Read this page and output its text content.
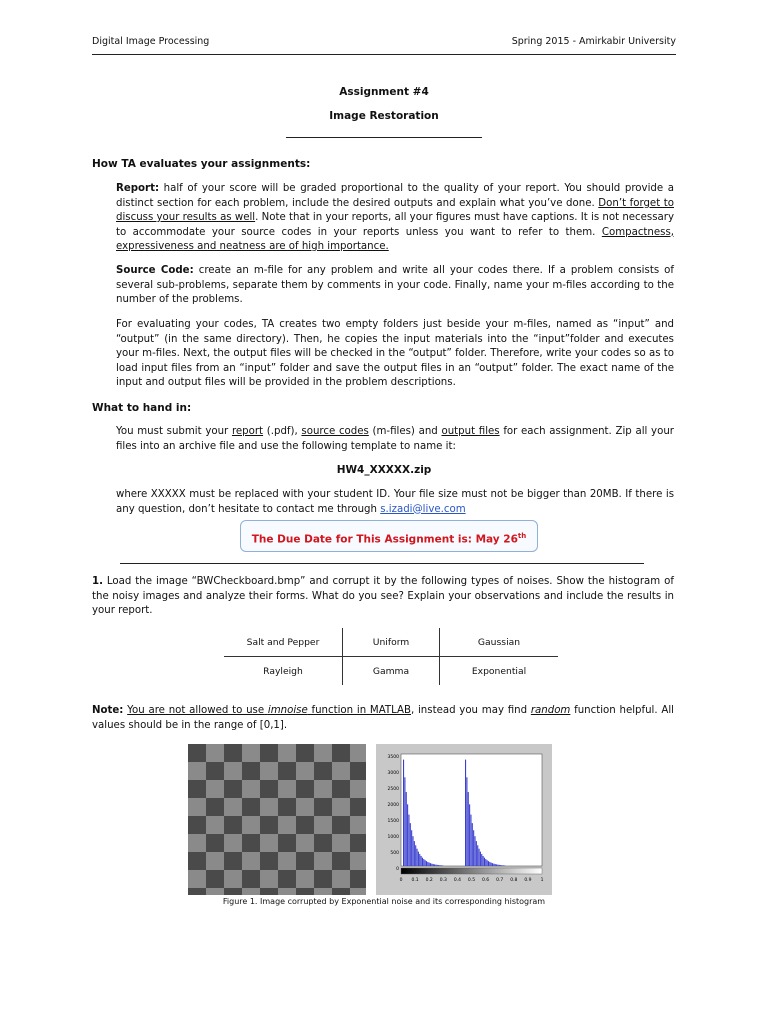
Digital Image Processing	Spring 2015 - Amirkabir University
Assignment #4
Image Restoration
How TA evaluates your assignments:
Report: half of your score will be graded proportional to the quality of your report. You should provide a distinct section for each problem, include the desired outputs and explain what you’ve done. Don’t forget to discuss your results as well. Note that in your reports, all your figures must have captions. It is not necessary to accommodate your source codes in your reports unless you want to refer to them. Compactness, expressiveness and neatness are of high importance.
Source Code: create an m-file for any problem and write all your codes there. If a problem consists of several sub-problems, separate them by comments in your code. Finally, name your m-files according to the number of the problems.
For evaluating your codes, TA creates two empty folders just beside your m-files, named as “input” and “output” (in the same directory). Then, he copies the input materials into the “input”folder and executes your m-files. Next, the output files will be checked in the “output” folder. Therefore, write your codes so as to load input files from an “input” folder and save the output files in an “output” folder. The exact name of the input and output files will be provided in the problem descriptions.
What to hand in:
You must submit your report (.pdf), source codes (m-files) and output files for each assignment. Zip all your files into an archive file and use the following template to name it:
HW4_XXXXX.zip
where XXXXX must be replaced with your student ID. Your file size must not be bigger than 20MB. If there is any question, don’t hesitate to contact me through s.izadi@live.com
The Due Date for This Assignment is: May 26th
1. Load the image “BWCheckboard.bmp” and corrupt it by the following types of noises. Show the histogram of the noisy images and analyze their forms. What do you see? Explain your observations and include the results in your report.
Salt and Pepper	Uniform	Gaussian
Rayleigh	Gamma	Exponential
Note: You are not allowed to use imnoise function in MATLAB, instead you may find random function helpful. All values should be in the range of [0,1].
3500
3000
2500
2000
1500
1000
500
0
0 0.1 0.2 0.3 0.4 0.5 0.6 0.7 0.8 0.9 1
Figure 1. Image corrupted by Exponential noise and its corresponding histogram
